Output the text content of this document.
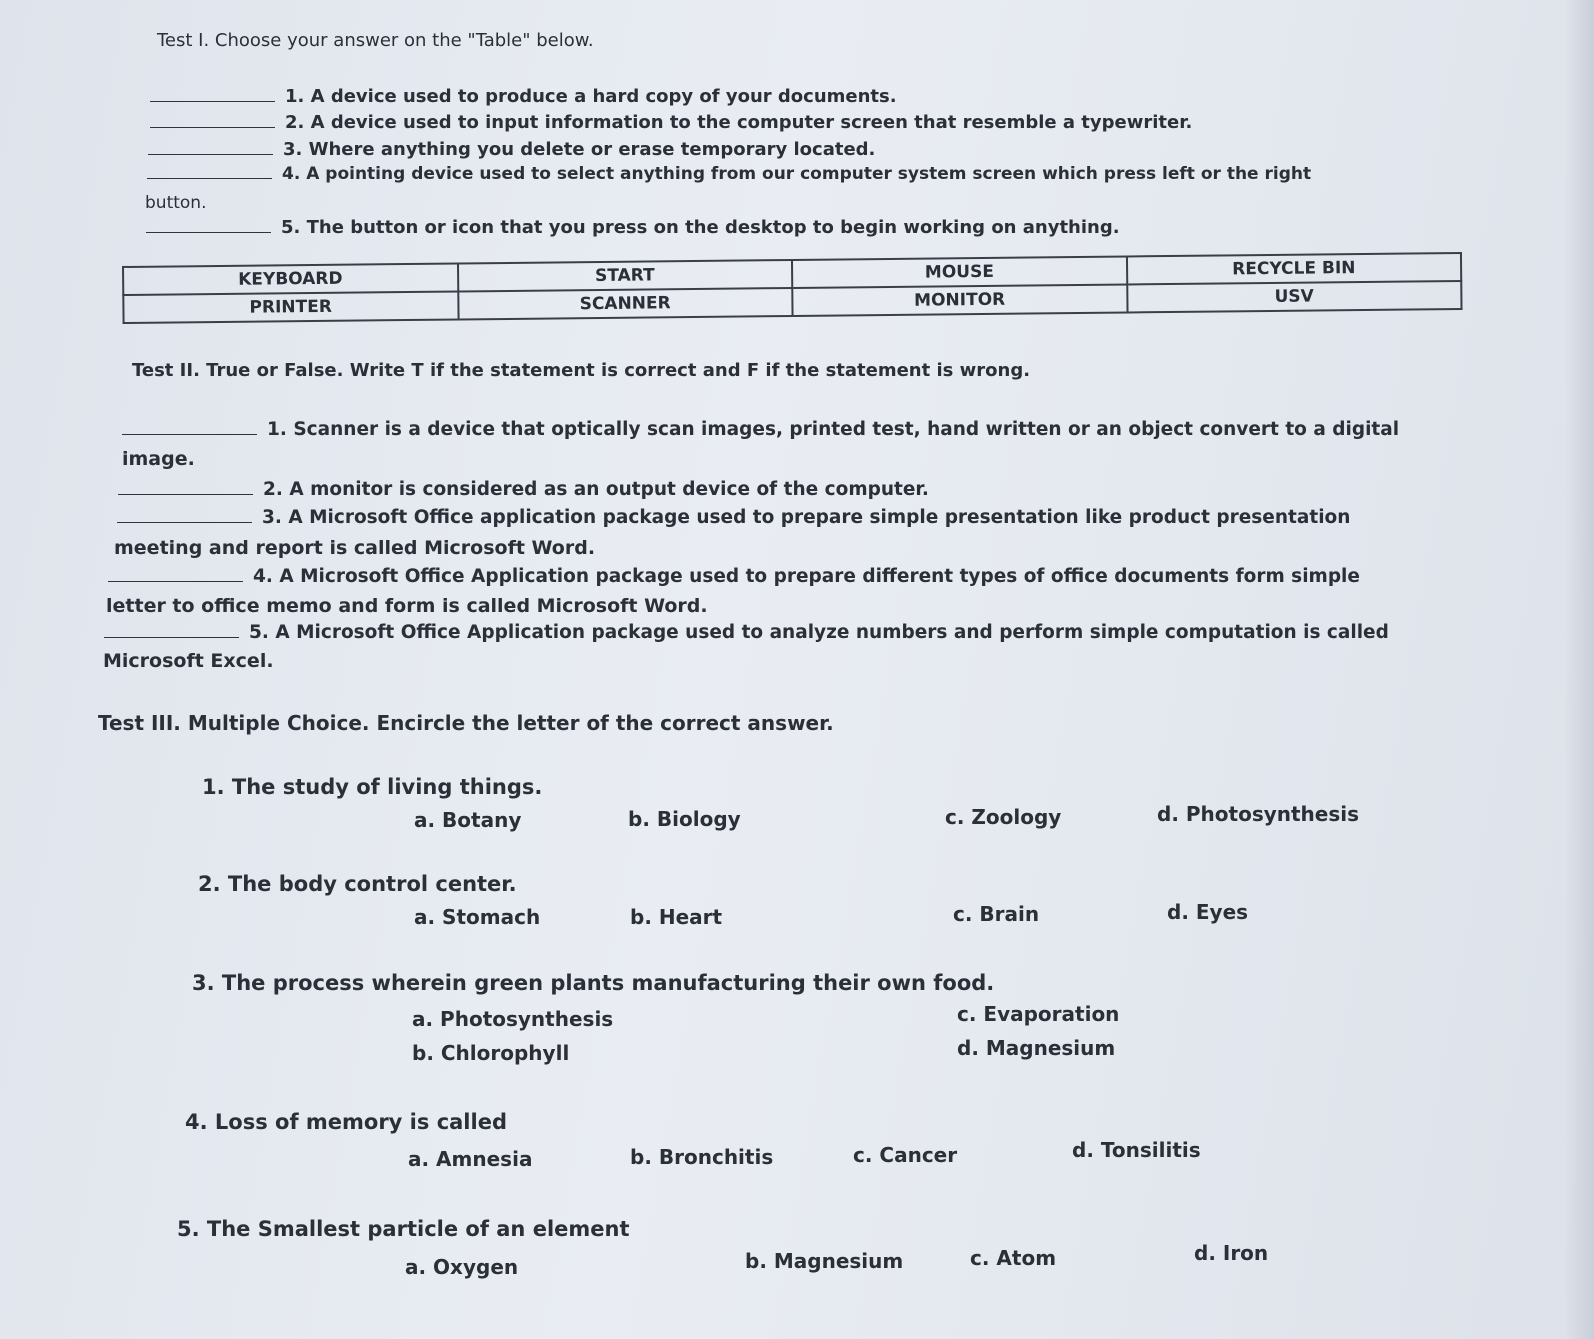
Test I. Choose your answer on the "Table" below.
1. A device used to produce a hard copy of your documents.
2. A device used to input information to the computer screen that resemble a typewriter.
3. Where anything you delete or erase temporary located.
4. A pointing device used to select anything from our computer system screen which press left or the right
button.
5. The button or icon that you press on the desktop to begin working on anything.
KEYBOARD	START	MOUSE	RECYCLE BIN
PRINTER	SCANNER	MONITOR	USV
Test II. True or False. Write T if the statement is correct and F if the statement is wrong.
1. Scanner is a device that optically scan images, printed test, hand written or an object convert to a digital
image.
2. A monitor is considered as an output device of the computer.
3. A Microsoft Office application package used to prepare simple presentation like product presentation
meeting and report is called Microsoft Word.
4. A Microsoft Office Application package used to prepare different types of office documents form simple
letter to office memo and form is called Microsoft Word.
5. A Microsoft Office Application package used to analyze numbers and perform simple computation is called
Microsoft Excel.
Test III. Multiple Choice. Encircle the letter of the correct answer.
1. The study of living things.
a. Botany	b. Biology	c. Zoology	d. Photosynthesis
2. The body control center.
a. Stomach	b. Heart	c. Brain	d. Eyes
3. The process wherein green plants manufacturing their own food.
a. Photosynthesis
b. Chlorophyll
c. Evaporation
d. Magnesium
4. Loss of memory is called
a. Amnesia	b. Bronchitis	c. Cancer	d. Tonsilitis
5. The Smallest particle of an element
a. Oxygen	b. Magnesium	c. Atom	d. Iron
